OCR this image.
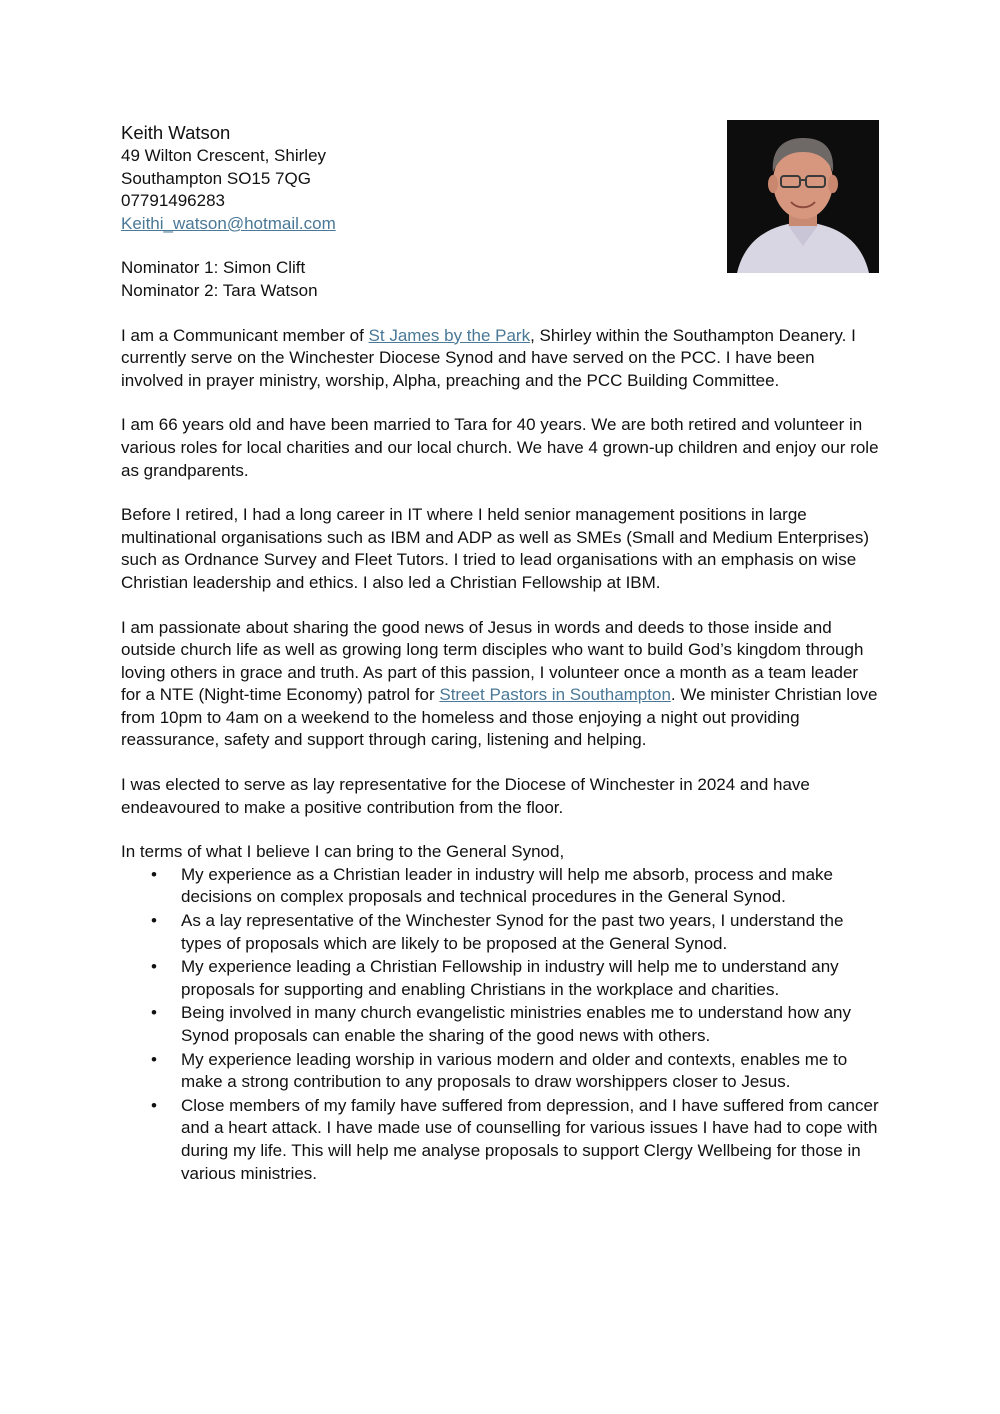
Keith Watson
49 Wilton Crescent, Shirley
Southampton SO15 7QG
07791496283
Keithi_watson@hotmail.com
Nominator 1: Simon Clift
Nominator 2: Tara Watson

I am a Communicant member of St James by the Park, Shirley within the Southampton Deanery. I currently serve on the Winchester Diocese Synod and have served on the PCC. I have been involved in prayer ministry, worship, Alpha, preaching and the PCC Building Committee.

I am 66 years old and have been married to Tara for 40 years. We are both retired and volunteer in various roles for local charities and our local church. We have 4 grown-up children and enjoy our role as grandparents.

Before I retired, I had a long career in IT where I held senior management positions in large multinational organisations such as IBM and ADP as well as SMEs (Small and Medium Enterprises) such as Ordnance Survey and Fleet Tutors. I tried to lead organisations with an emphasis on wise Christian leadership and ethics. I also led a Christian Fellowship at IBM.

I am passionate about sharing the good news of Jesus in words and deeds to those inside and outside church life as well as growing long term disciples who want to build God’s kingdom through loving others in grace and truth. As part of this passion, I volunteer once a month as a team leader for a NTE (Night-time Economy) patrol for Street Pastors in Southampton. We minister Christian love from 10pm to 4am on a weekend to the homeless and those enjoying a night out providing reassurance, safety and support through caring, listening and helping.

I was elected to serve as lay representative for the Diocese of Winchester in 2024 and have endeavoured to make a positive contribution from the floor.

In terms of what I believe I can bring to the General Synod,
• My experience as a Christian leader in industry will help me absorb, process and make decisions on complex proposals and technical procedures in the General Synod.
• As a lay representative of the Winchester Synod for the past two years, I understand the types of proposals which are likely to be proposed at the General Synod.
• My experience leading a Christian Fellowship in industry will help me to understand any proposals for supporting and enabling Christians in the workplace and charities.
• Being involved in many church evangelistic ministries enables me to understand how any Synod proposals can enable the sharing of the good news with others.
• My experience leading worship in various modern and older and contexts, enables me to make a strong contribution to any proposals to draw worshippers closer to Jesus.
• Close members of my family have suffered from depression, and I have suffered from cancer and a heart attack. I have made use of counselling for various issues I have had to cope with during my life. This will help me analyse proposals to support Clergy Wellbeing for those in various ministries.
